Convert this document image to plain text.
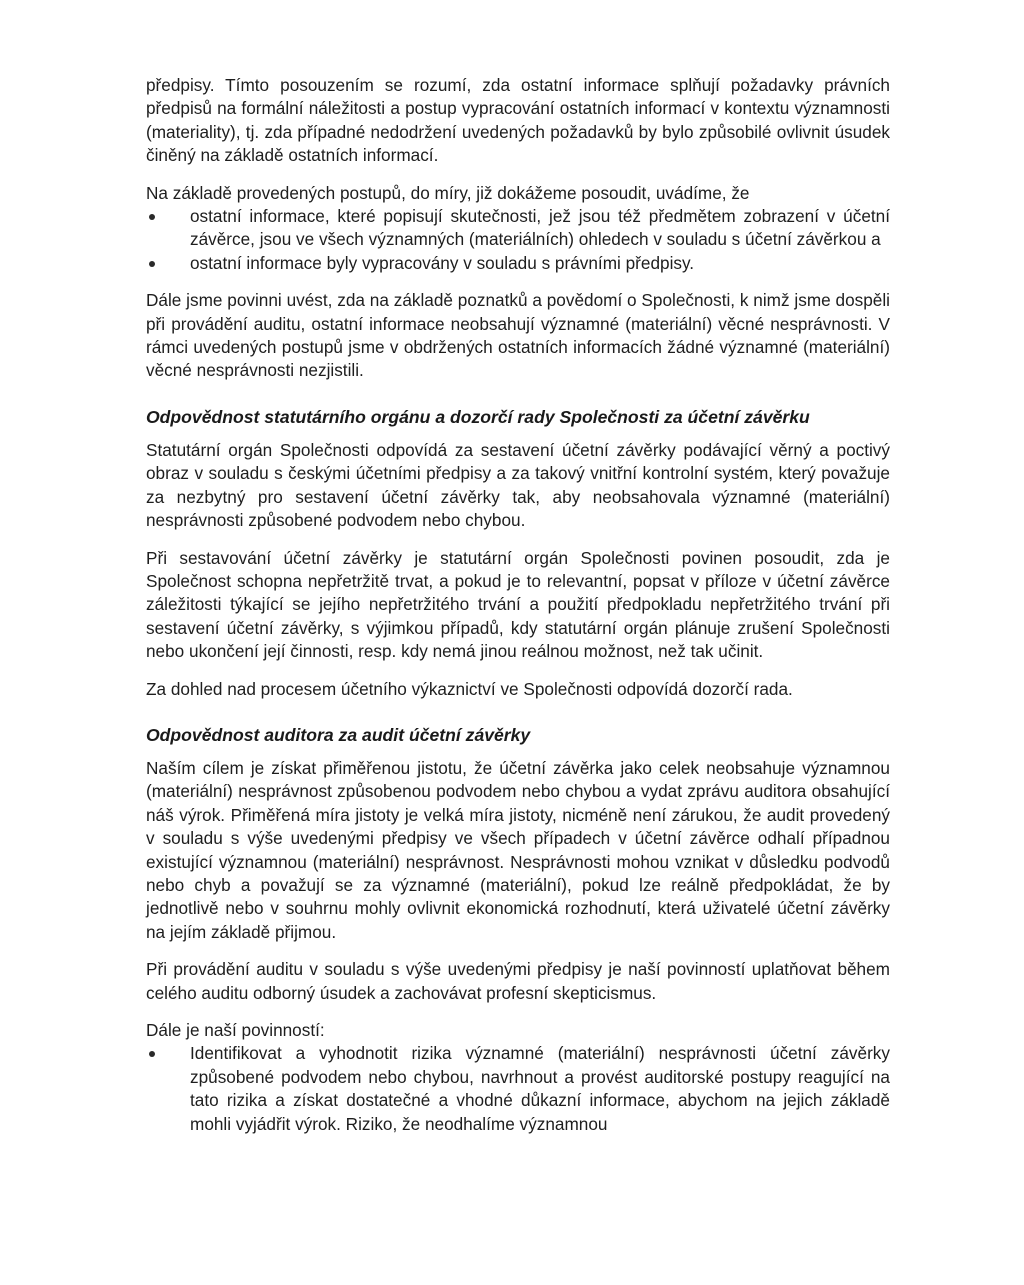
předpisy. Tímto posouzením se rozumí, zda ostatní informace splňují požadavky právních předpisů na formální náležitosti a postup vypracování ostatních informací v kontextu významnosti (materiality), tj. zda případné nedodržení uvedených požadavků by bylo způsobilé ovlivnit úsudek činěný na základě ostatních informací.

Na základě provedených postupů, do míry, již dokážeme posoudit, uvádíme, že

ostatní informace, které popisují skutečnosti, jež jsou též předmětem zobrazení v účetní závěrce, jsou ve všech významných (materiálních) ohledech v souladu s účetní závěrkou a
ostatní informace byly vypracovány v souladu s právními předpisy.

Dále jsme povinni uvést, zda na základě poznatků a povědomí o Společnosti, k nimž jsme dospěli při provádění auditu, ostatní informace neobsahují významné (materiální) věcné nesprávnosti. V rámci uvedených postupů jsme v obdržených ostatních informacích žádné významné (materiální) věcné nesprávnosti nezjistili.

Odpovědnost statutárního orgánu a dozorčí rady Společnosti za účetní závěrku

Statutární orgán Společnosti odpovídá za sestavení účetní závěrky podávající věrný a poctivý obraz v souladu s českými účetními předpisy a za takový vnitřní kontrolní systém, který považuje za nezbytný pro sestavení účetní závěrky tak, aby neobsahovala významné (materiální) nesprávnosti způsobené podvodem nebo chybou.

Při sestavování účetní závěrky je statutární orgán Společnosti povinen posoudit, zda je Společnost schopna nepřetržitě trvat, a pokud je to relevantní, popsat v příloze v účetní závěrce záležitosti týkající se jejího nepřetržitého trvání a použití předpokladu nepřetržitého trvání při sestavení účetní závěrky, s výjimkou případů, kdy statutární orgán plánuje zrušení Společnosti nebo ukončení její činnosti, resp. kdy nemá jinou reálnou možnost, než tak učinit.

Za dohled nad procesem účetního výkaznictví ve Společnosti odpovídá dozorčí rada.

Odpovědnost auditora za audit účetní závěrky

Naším cílem je získat přiměřenou jistotu, že účetní závěrka jako celek neobsahuje významnou (materiální) nesprávnost způsobenou podvodem nebo chybou a vydat zprávu auditora obsahující náš výrok. Přiměřená míra jistoty je velká míra jistoty, nicméně není zárukou, že audit provedený v souladu s výše uvedenými předpisy ve všech případech v účetní závěrce odhalí případnou existující významnou (materiální) nesprávnost. Nesprávnosti mohou vznikat v důsledku podvodů nebo chyb a považují se za významné (materiální), pokud lze reálně předpokládat, že by jednotlivě nebo v souhrnu mohly ovlivnit ekonomická rozhodnutí, která uživatelé účetní závěrky na jejím základě přijmou.

Při provádění auditu v souladu s výše uvedenými předpisy je naší povinností uplatňovat během celého auditu odborný úsudek a zachovávat profesní skepticismus.

Dále je naší povinností:

Identifikovat a vyhodnotit rizika významné (materiální) nesprávnosti účetní závěrky způsobené podvodem nebo chybou, navrhnout a provést auditorské postupy reagující na tato rizika a získat dostatečné a vhodné důkazní informace, abychom na jejich základě mohli vyjádřit výrok. Riziko, že neodhalíme významnou
